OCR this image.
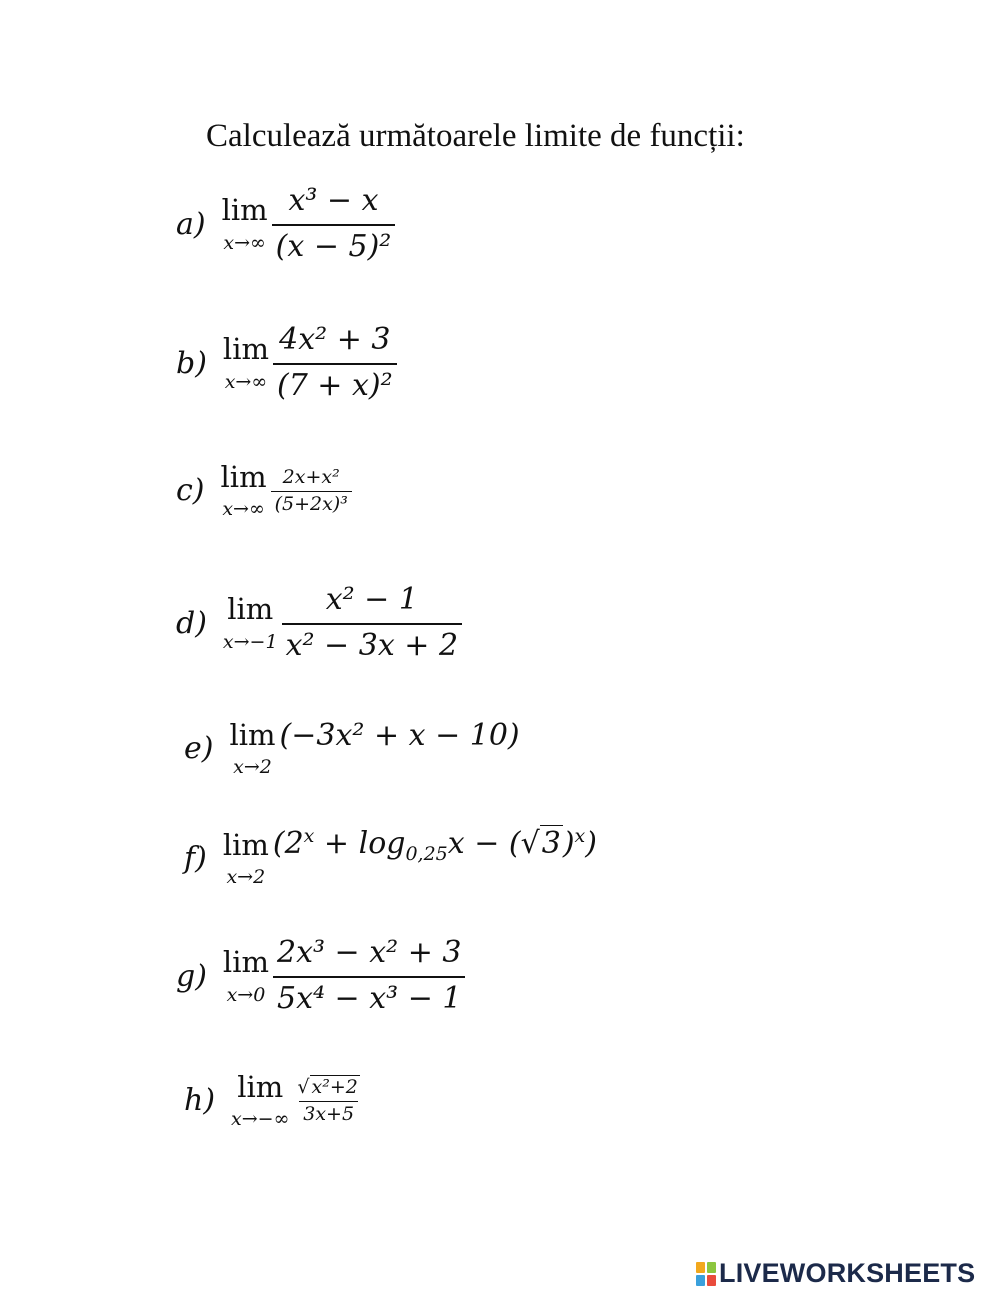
Calculează următoarele limite de funcții:
a) lim
$x\to\infty \frac{\text{x³ − x}}{\text{(x − 5)²}}$
b) lim
$x\to\infty \frac{\text{4x² + 3}}{\text{(7 + x)²}}$
c) lim
$x\to\infty \frac{\text{2x+x²}}{\text{(5+2x)³}}$
d) lim
$x\to-1 \frac{\text{x² − 1}}{\text{x² − 3x + 2}}$
e) lim
x→2
(−3x² + x − 10)
f) lim
x→2
$(2^x + \log_{0,25}x - (√3)^x)$
g) lim
$x\to 0 \frac{\text{2x³ − x² + 3}}{\text{5x⁴ − x³ − 1}}$
h) lim
$x\to-\infty \frac{\text{√ x²+2}}{3x+5}$
LIVEWORKSHEETS
